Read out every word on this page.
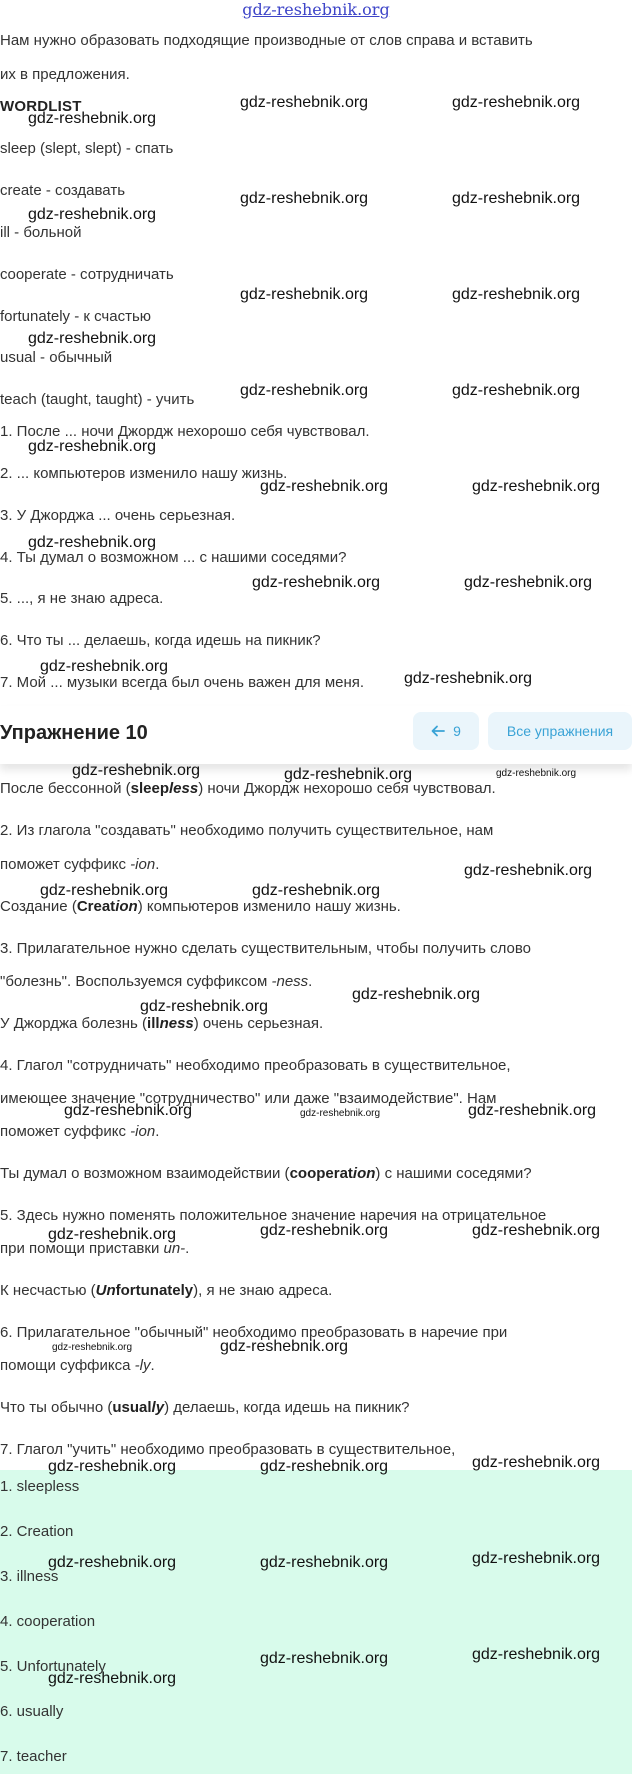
gdz-reshebnik.org
Нам нужно образовать подходящие производные от слов справа и вставить
их в предложения.
WORDLIST
sleep (slept, slept) - спать
create - создавать
ill - больной
cooperate - сотрудничать
fortunately - к счастью
usual - обычный
teach (taught, taught) - учить
1. После ... ночи Джордж нехорошо себя чувствовал.
2. ... компьютеров изменило нашу жизнь.
3. У Джорджа ... очень серьезная.
4. Ты думал о возможном ... с нашими соседями?
5. ..., я не знаю адреса.
6. Что ты ... делаешь, когда идешь на пикник?
7. Мой ... музыки всегда был очень важен для меня.
Упражнение 10	9	Все упражнения
После бессонной (sleepless) ночи Джордж нехорошо себя чувствовал.
2. Из глагола "создавать" необходимо получить существительное, нам
поможет суффикс -ion.
Создание (Creation) компьютеров изменило нашу жизнь.
3. Прилагательное нужно сделать существительным, чтобы получить слово
"болезнь". Воспользуемся суффиксом -ness.
У Джорджа болезнь (illness) очень серьезная.
4. Глагол "сотрудничать" необходимо преобразовать в существительное,
имеющее значение "сотрудничество" или даже "взаимодействие". Нам
поможет суффикс -ion.
Ты думал о возможном взаимодействии (cooperation) с нашими соседями?
5. Здесь нужно поменять положительное значение наречия на отрицательное
при помощи приставки un-.
К несчастью (Unfortunately), я не знаю адреса.
6. Прилагательное "обычный" необходимо преобразовать в наречие при
помощи суффикса -ly.
Что ты обычно (usually) делаешь, когда идешь на пикник?
7. Глагол "учить" необходимо преобразовать в существительное,
1. sleepless
2. Creation
3. illness
4. cooperation
5. Unfortunately
6. usually
7. teacher
gdz-reshebnik.org
gdz-reshebnik.org	gdz-reshebnik.org
gdz-reshebnik.org	gdz-reshebnik.org
gdz-reshebnik.org
gdz-reshebnik.org	gdz-reshebnik.org
gdz-reshebnik.org
gdz-reshebnik.org	gdz-reshebnik.org
gdz-reshebnik.org
gdz-reshebnik.org	gdz-reshebnik.org
gdz-reshebnik.org
gdz-reshebnik.org	gdz-reshebnik.org
gdz-reshebnik.org
gdz-reshebnik.org
gdz-reshebnik.org	gdz-reshebnik.org	gdz-reshebnik.org
gdz-reshebnik.org
gdz-reshebnik.org	gdz-reshebnik.org
gdz-reshebnik.org
gdz-reshebnik.org
gdz-reshebnik.org	gdz-reshebnik.org	gdz-reshebnik.org
gdz-reshebnik.org	gdz-reshebnik.org	gdz-reshebnik.org
gdz-reshebnik.org	gdz-reshebnik.org
gdz-reshebnik.org	gdz-reshebnik.org	gdz-reshebnik.org
gdz-reshebnik.org	gdz-reshebnik.org	gdz-reshebnik.org
gdz-reshebnik.org	gdz-reshebnik.org
gdz-reshebnik.org
